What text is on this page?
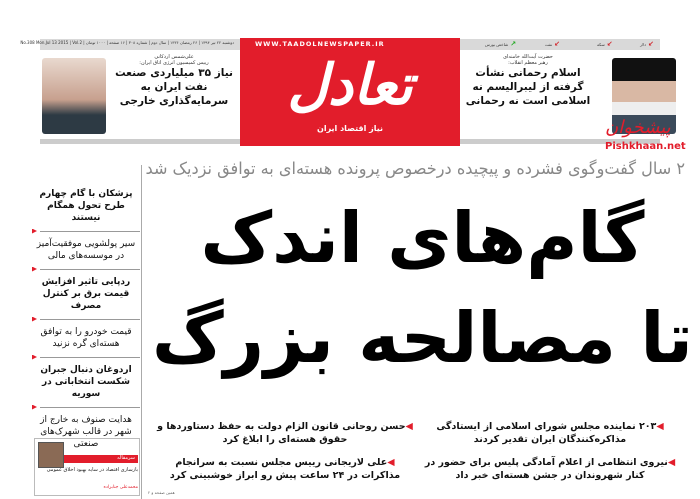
دوشنبه ۲۲ تیر ۱۳۹۴ | ۲۶ رمضان ۱۴۳۶ | سال دوم | شماره ۳۰۸ | ۱۶ صفحه | ۱۰۰۰ تومان | No.308 Mon.Jul 13 2015 | Vol.2	↗
شاخص بورس	↙
نفت	↙
سکه	↙
دلار
WWW.TAADOLNEWSPAPER.IR
تعادل
نیاز اقتصاد ایران
علی‌شمس اردکانی
رییس کمیسیون انرژی اتاق ایران:
نیاز ۳۵ میلیاردی صنعت نفت ایران به سرمایه‌گذاری خارجی
حضرت آیت‌الله خامنه‌ای
رهبر معظم انقلاب:
اسلام رحمانی نشأت گرفته از لیبرالیسم نه اسلامی است نه رحمانی
پیشخوان
Pishkhaan.net
۲ سال گفت‌وگوی فشرده و پیچیده درخصوص پرونده هسته‌ای به توافق نزدیک شد
گام‌های اندک
تا مصالحه بزرگ
پزشکان با گام چهارم طرح تحول همگام نیستند
سیر پولشویی موفقیت‌آمیز در موسسه‌های مالی
ردپایی تاثیر افزایش قیمت برق بر کنترل مصرف
قیمت خودرو را به توافق هسته‌ای گره نزنید
اردوغان دنبال جبران شکست انتخاباتی در سوریه
هدایت صنوف به خارج از شهر در قالب شهرک‌های صنعتی
سرمقاله
بازسازی اقتصاد در سایه بهبود اخلاق عمومی
محمدعلی جنابزاده
◀۲۰۳ نماینده مجلس شورای اسلامی از ایستادگی مذاکره‌کنندگان ایران تقدیر کردند
◀حسن روحانی قانون الزام دولت به حفظ دستاوردها و حقوق هسته‌ای را ابلاغ کرد
◀نیروی انتظامی از اعلام آمادگی پلیس برای حضور در کنار شهروندان در جشن هسته‌ای خبر داد
◀علی لاریجانی رییس مجلس نسبت به سرانجام مذاکرات در ۲۴ ساعت پیش رو ابراز خوشبینی کرد
همین صفحه و ۲
